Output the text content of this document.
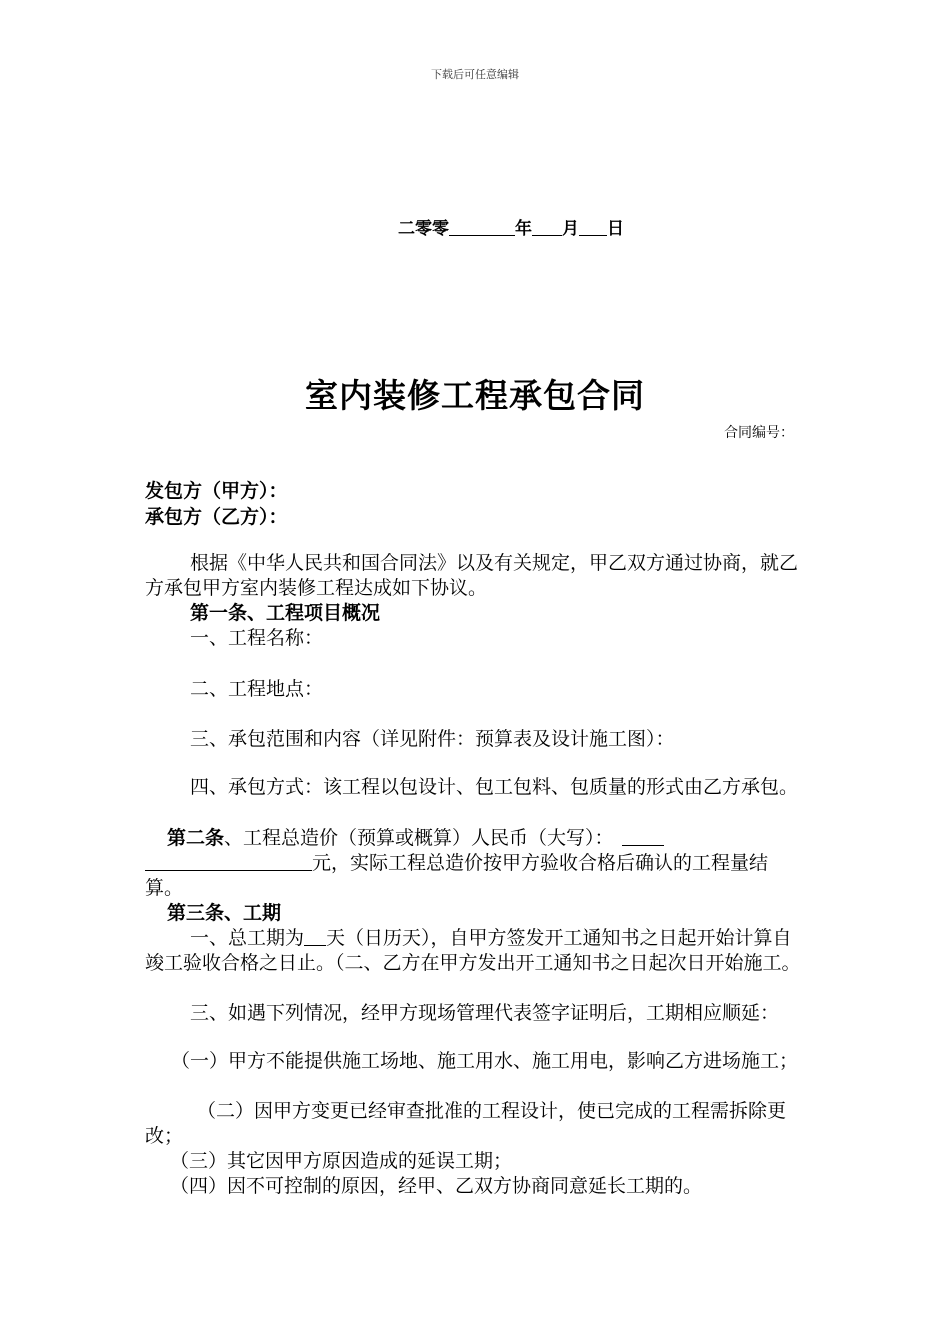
下载后可任意编辑
二零零	年 月 日
室内装修工程承包合同
合同编号：
发包方（甲方）：
承包方（乙方）：
根据《中华人民共和国合同法》以及有关规定，甲乙双方通过协商，就乙方承包甲方室内装修工程达成如下协议。
第一条、工程项目概况
一、工程名称：
二、工程地点：
三、承包范围和内容（详见附件：预算表及设计施工图）：
四、承包方式：该工程以包设计、包工包料、包质量的形式由乙方承包。
第二条、工程总造价（预算或概算）人民币（大写）：
元，实际工程总造价按甲方验收合格后确认的工程量结算。
第三条、工期
一、总工期为 天（日历天），自甲方签发开工通知书之日起开始计算自竣工验收合格之日止。（二、乙方在甲方发出开工通知书之日起次日开始施工。
三、如遇下列情况，经甲方现场管理代表签字证明后，工期相应顺延：
（一）甲方不能提供施工场地、施工用水、施工用电，影响乙方进场施工；
（二）因甲方变更已经审查批准的工程设计，使已完成的工程需拆除更改；
（三）其它因甲方原因造成的延误工期；
（四）因不可控制的原因，经甲、乙双方协商同意延长工期的。
